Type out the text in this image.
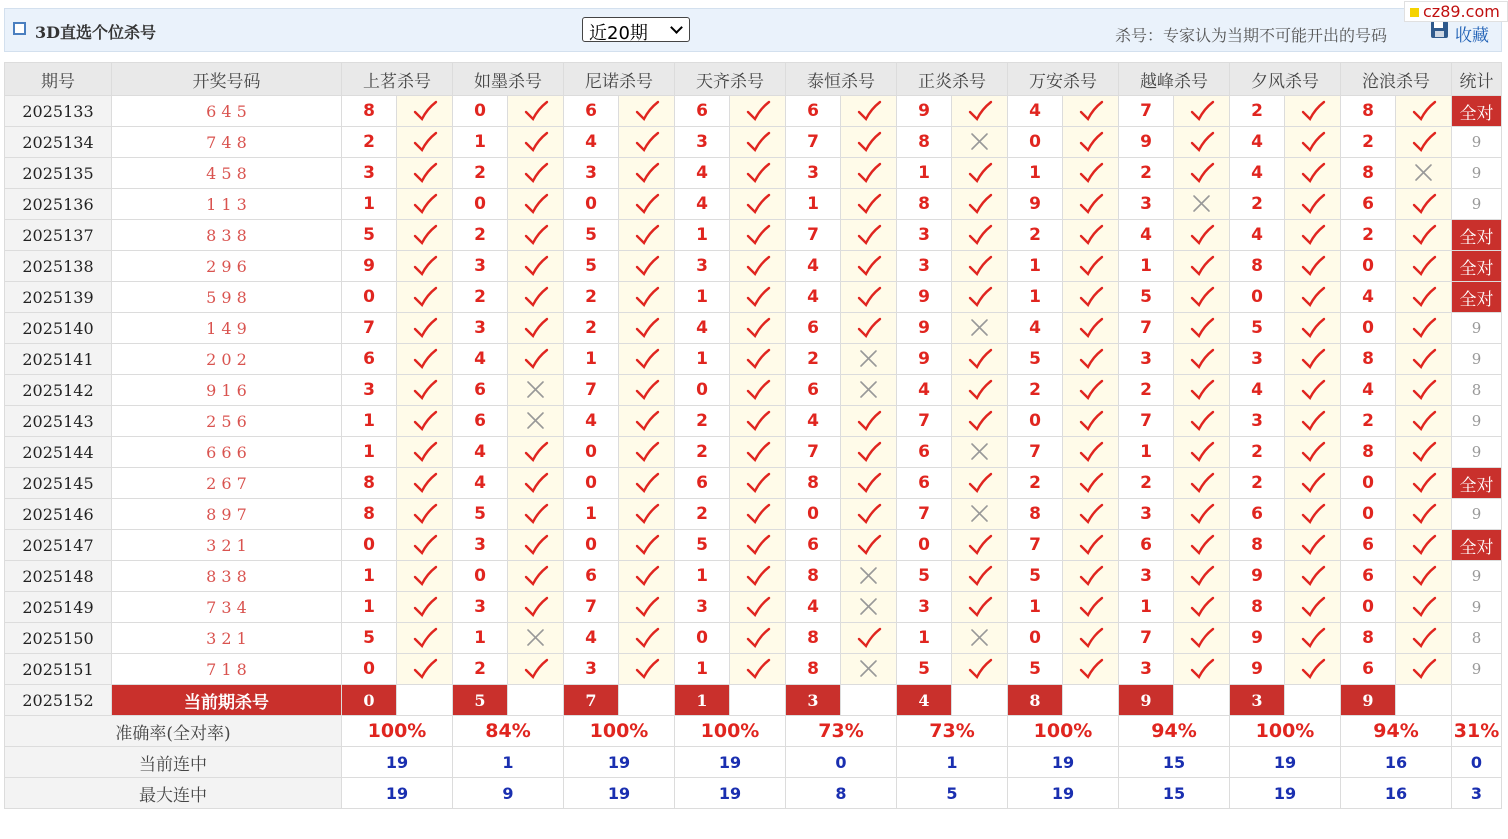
3D直选个位杀号	近20期	杀号：专家认为当期不可能开出的号码	收藏
cz89.com
期号	开奖号码	上茗杀号		如墨杀号		尼诺杀号		天齐杀号		泰恒杀号		正炎杀号		万安杀号		越峰杀号		夕风杀号		沧浪杀号		统计
2025133	6 4 5	8		0		6		6		6		9		4		7		2		8		全对
2025134	7 4 8	2		1		4		3		7		8		0		9		4		2		9
2025135	4 5 8	3		2		3		4		3		1		1		2		4		8		9
2025136	1 1 3	1		0		0		4		1		8		9		3		2		6		9
2025137	8 3 8	5		2		5		1		7		3		2		4		4		2		全对
2025138	2 9 6	9		3		5		3		4		3		1		1		8		0		全对
2025139	5 9 8	0		2		2		1		4		9		1		5		0		4		全对
2025140	1 4 9	7		3		2		4		6		9		4		7		5		0		9
2025141	2 0 2	6		4		1		1		2		9		5		3		3		8		9
2025142	9 1 6	3		6		7		0		6		4		2		2		4		4		8
2025143	2 5 6	1		6		4		2		4		7		0		7		3		2		9
2025144	6 6 6	1		4		0		2		7		6		7		1		2		8		9
2025145	2 6 7	8		4		0		6		8		6		2		2		2		0		全对
2025146	8 9 7	8		5		1		2		0		7		8		3		6		0		9
2025147	3 2 1	0		3		0		5		6		0		7		6		8		6		全对
2025148	8 3 8	1		0		6		1		8		5		5		3		9		6		9
2025149	7 3 4	1		3		7		3		4		3		1		1		8		0		9
2025150	3 2 1	5		1		4		0		8		1		0		7		9		8		8
2025151	7 1 8	0		2		3		1		8		5		5		3		9		6		9
2025152	当前期杀号	0		5		7		1		3		4		8		9		3		9		
准确率(全对率)		100%		84%		100%		100%		73%		73%		100%		94%		100%		94%		31%
当前连中		19		1		19		19		0		1		19		15		19		16		0
最大连中		19		9		19		19		8		5		19		15		19		16		3
